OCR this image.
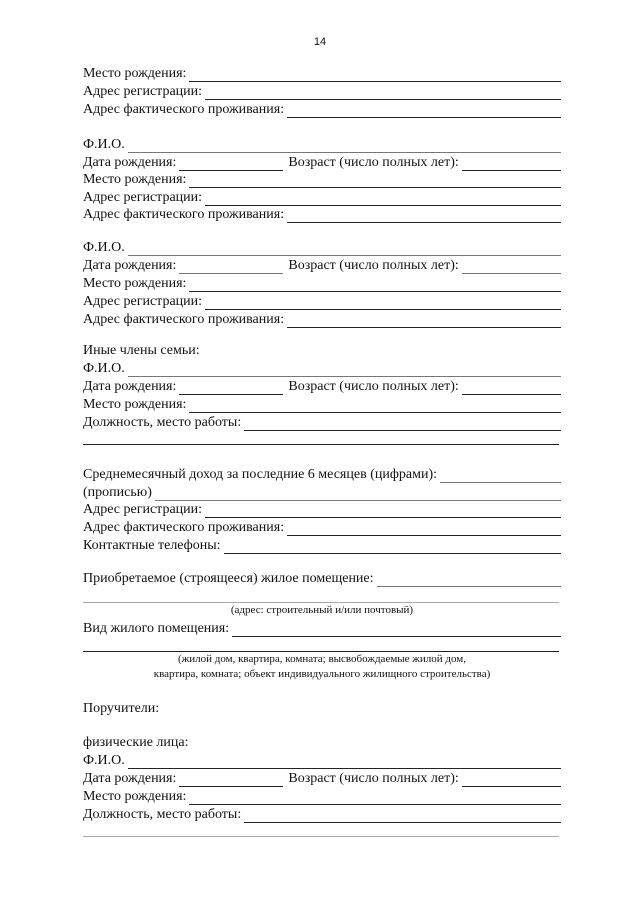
14
Место рождения:
Адрес регистрации:
Адрес фактического проживания:
Ф.И.О.
Дата рождения:	Возраст (число полных лет):
Место рождения:
Адрес регистрации:
Адрес фактического проживания:
Ф.И.О.
Дата рождения:	Возраст (число полных лет):
Место рождения:
Адрес регистрации:
Адрес фактического проживания:
Иные члены семьи:
Ф.И.О.
Дата рождения:	Возраст (число полных лет):
Место рождения:
Должность, место работы:
Среднемесячный доход за последние 6 месяцев (цифрами):
(прописью)
Адрес регистрации:
Адрес фактического проживания:
Контактные телефоны:
Приобретаемое (строящееся) жилое помещение:
(адрес: строительный и/или почтовый)
Вид жилого помещения:
(жилой дом, квартира, комната; высвобождаемые жилой дом,
квартира, комната; объект индивидуального жилищного строительства)
Поручители:
физические лица:
Ф.И.О.
Дата рождения:	Возраст (число полных лет):
Место рождения:
Должность, место работы:
